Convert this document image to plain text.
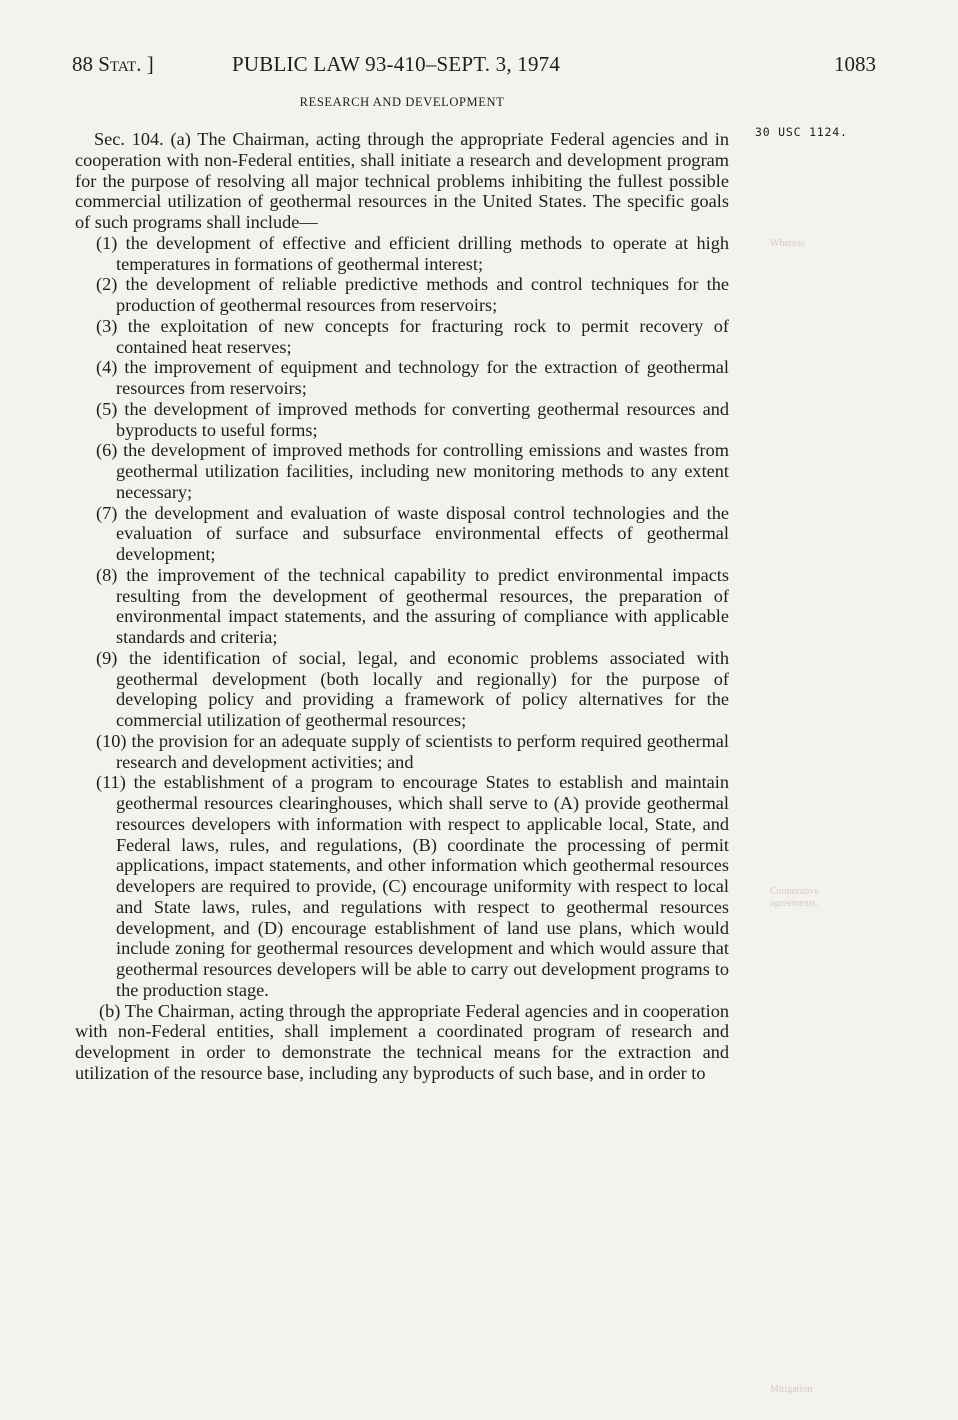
88 Stat. ]	PUBLIC LAW 93-410–SEPT. 3, 1974	1083
RESEARCH AND DEVELOPMENT
30 USC 1124.
Whereas
Cooperative agreements.
Mitigation

Sec. 104. (a) The Chairman, acting through the appropriate Federal agencies and in cooperation with non-Federal entities, shall initiate a research and development program for the purpose of resolving all major technical problems inhibiting the fullest possible commercial utilization of geothermal resources in the United States. The specific goals of such programs shall include—

(1) the development of effective and efficient drilling methods to operate at high temperatures in formations of geothermal interest;

(2) the development of reliable predictive methods and control techniques for the production of geothermal resources from reservoirs;

(3) the exploitation of new concepts for fracturing rock to permit recovery of contained heat reserves;

(4) the improvement of equipment and technology for the extraction of geothermal resources from reservoirs;

(5) the development of improved methods for converting geothermal resources and byproducts to useful forms;

(6) the development of improved methods for controlling emissions and wastes from geothermal utilization facilities, including new monitoring methods to any extent necessary;

(7) the development and evaluation of waste disposal control technologies and the evaluation of surface and subsurface environmental effects of geothermal development;

(8) the improvement of the technical capability to predict environmental impacts resulting from the development of geothermal resources, the preparation of environmental impact statements, and the assuring of compliance with applicable standards and criteria;

(9) the identification of social, legal, and economic problems associated with geothermal development (both locally and regionally) for the purpose of developing policy and providing a framework of policy alternatives for the commercial utilization of geothermal resources;

(10) the provision for an adequate supply of scientists to perform required geothermal research and development activities; and

(11) the establishment of a program to encourage States to establish and maintain geothermal resources clearinghouses, which shall serve to (A) provide geothermal resources developers with information with respect to applicable local, State, and Federal laws, rules, and regulations, (B) coordinate the processing of permit applications, impact statements, and other information which geothermal resources developers are required to provide, (C) encourage uniformity with respect to local and State laws, rules, and regulations with respect to geothermal resources development, and (D) encourage establishment of land use plans, which would include zoning for geothermal resources development and which would assure that geothermal resources developers will be able to carry out development programs to the production stage.

(b) The Chairman, acting through the appropriate Federal agencies and in cooperation with non-Federal entities, shall implement a coordinated program of research and development in order to demonstrate the technical means for the extraction and utilization of the resource base, including any byproducts of such base, and in order to
